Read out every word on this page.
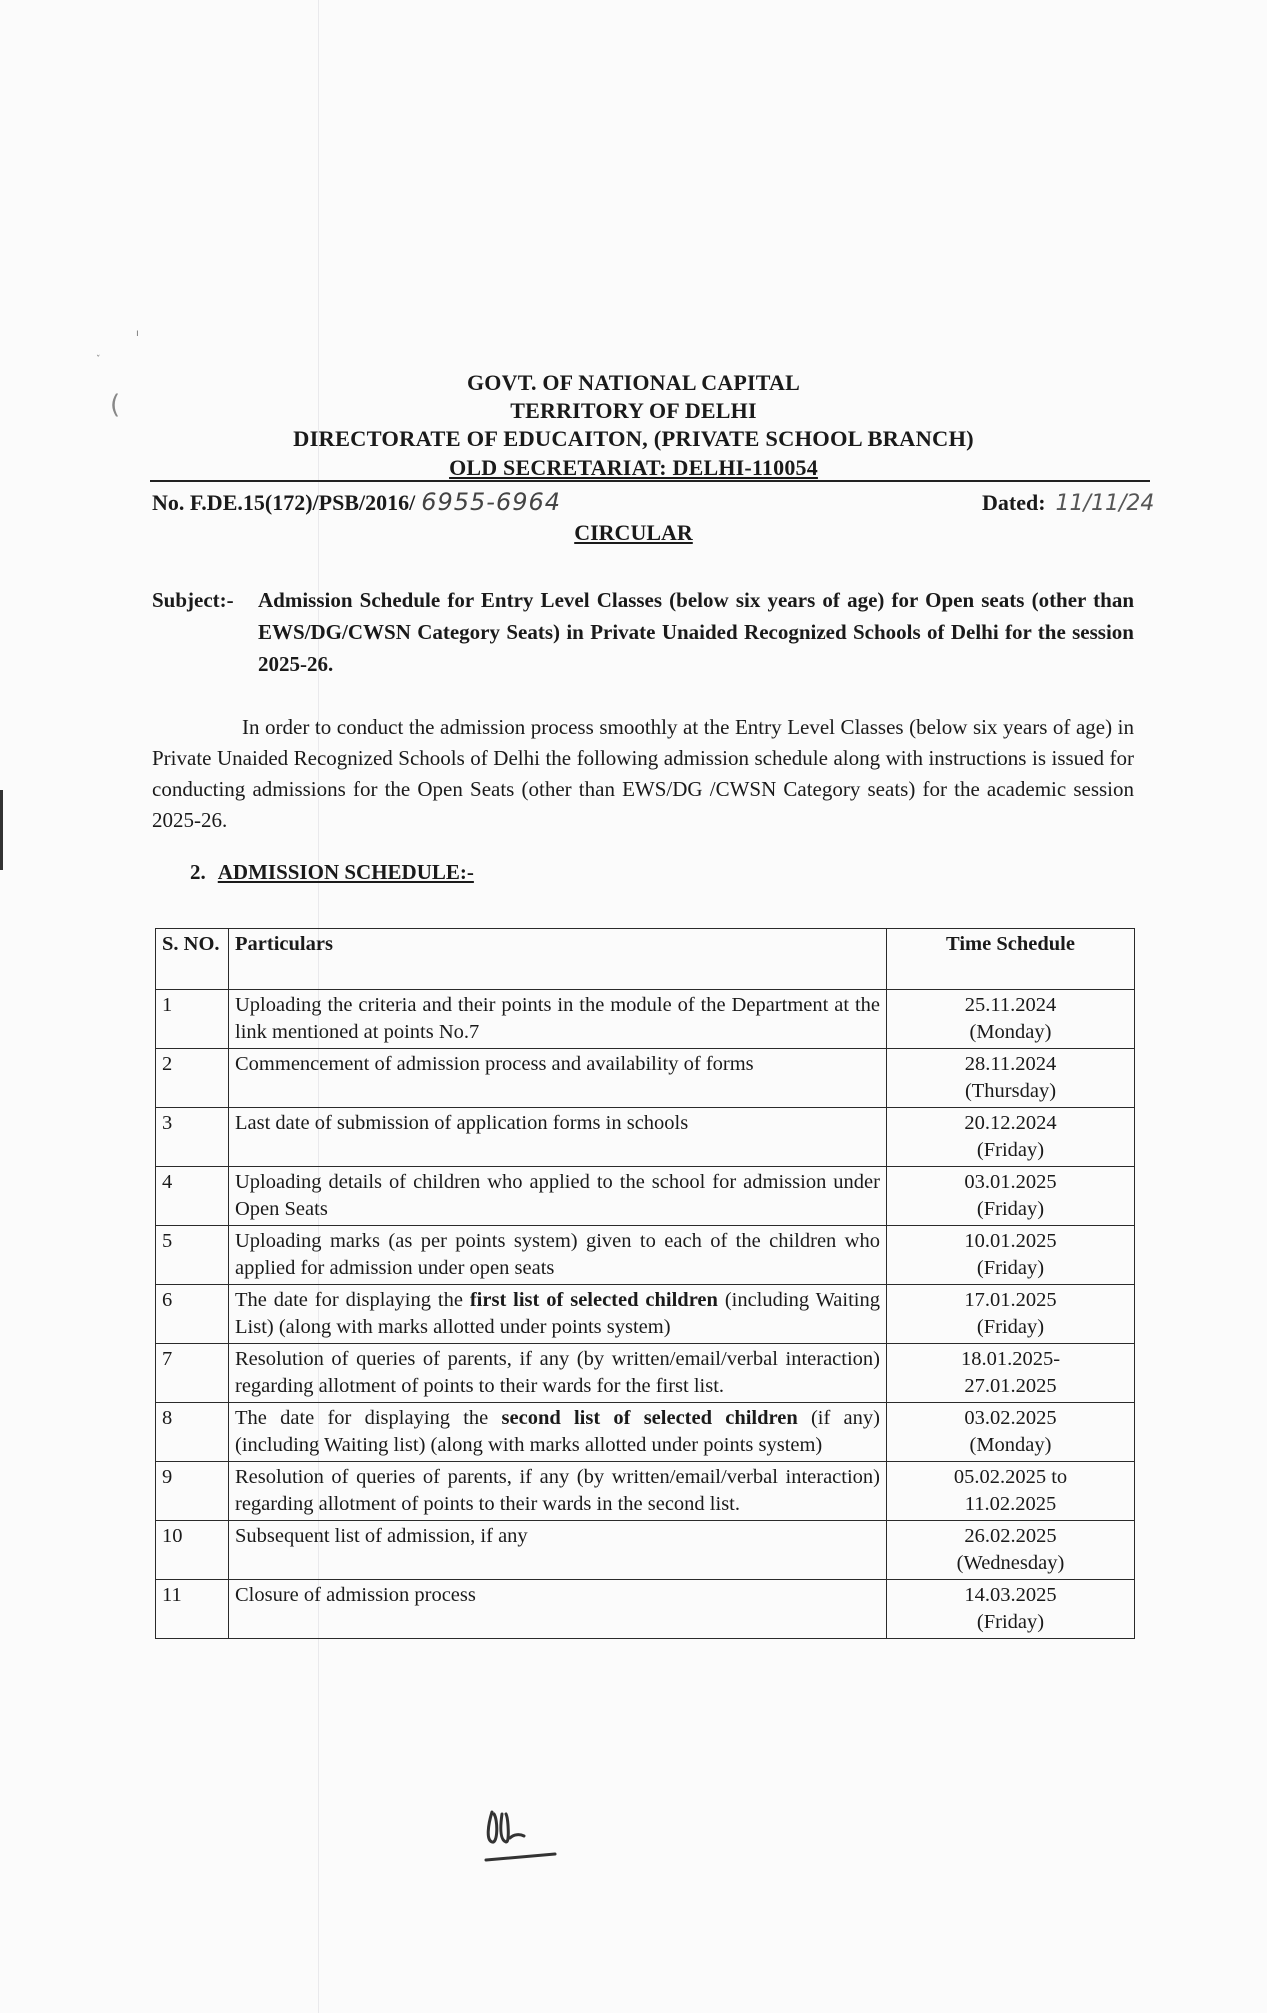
ı
ˇ
(
GOVT. OF NATIONAL CAPITAL
TERRITORY OF DELHI
DIRECTORATE OF EDUCAITON, (PRIVATE SCHOOL BRANCH)
OLD SECRETARIAT: DELHI-110054
No. F.DE.15(172)/PSB/2016/ 6955-6964	Dated: 11/11/24
CIRCULAR
Subject:- Admission Schedule for Entry Level Classes (below six years of age) for Open seats (other than EWS/DG/CWSN Category Seats) in Private Unaided Recognized Schools of Delhi for the session 2025-26.
In order to conduct the admission process smoothly at the Entry Level Classes (below six years of age) in Private Unaided Recognized Schools of Delhi the following admission schedule along with instructions is issued for conducting admissions for the Open Seats (other than EWS/DG /CWSN Category seats) for the academic session 2025-26.
2. ADMISSION SCHEDULE:-
S. NO.	Particulars	Time Schedule
1	Uploading the criteria and their points in the module of the Department at the link mentioned at points No.7	25.11.2024
(Monday)

2	Commencement of admission process and availability of forms	28.11.2024
(Thursday)

3	Last date of submission of application forms in schools	20.12.2024
(Friday)

4	Uploading details of children who applied to the school for admission under Open Seats	03.01.2025
(Friday)

5	Uploading marks (as per points system) given to each of the children who applied for admission under open seats	10.01.2025
(Friday)

6	The date for displaying the first list of selected children (including Waiting List) (along with marks allotted under points system)	17.01.2025
(Friday)

7	Resolution of queries of parents, if any (by written/email/verbal interaction) regarding allotment of points to their wards for the first list.	18.01.2025-
27.01.2025

8	The date for displaying the second list of selected children (if any) (including Waiting list) (along with marks allotted under points system)	03.02.2025
(Monday)

9	Resolution of queries of parents, if any (by written/email/verbal interaction) regarding allotment of points to their wards in the second list.	05.02.2025 to
11.02.2025

10	Subsequent list of admission, if any	26.02.2025
(Wednesday)

11	Closure of admission process	14.03.2025
(Friday)
